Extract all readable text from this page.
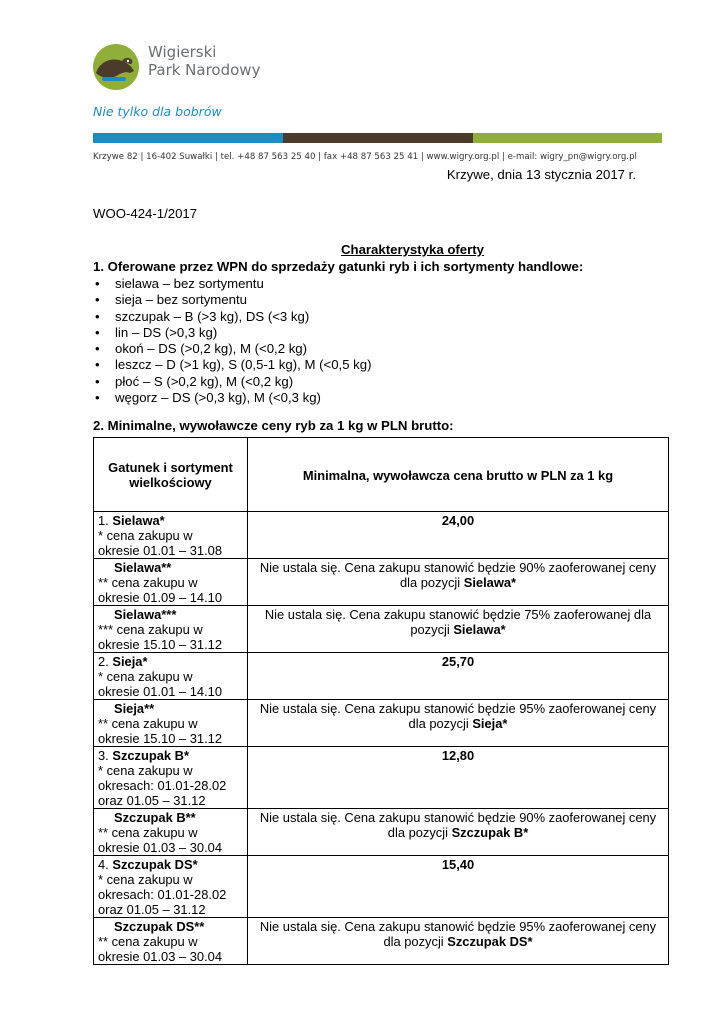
Wigierski
Park Narodowy
Nie tylko dla bobrów
Krzywe 82 | 16-402 Suwałki | tel. +48 87 563 25 40 | fax +48 87 563 25 41 | www.wigry.org.pl | e-mail: wigry_pn@wigry.org.pl
Krzywe, dnia 13 stycznia 2017 r.
WOO-424-1/2017
Charakterystyka oferty
1. Oferowane przez WPN do sprzedaży gatunki ryb i ich sortymenty handlowe:
• sielawa – bez sortymentu
• sieja – bez sortymentu
• szczupak – B (>3 kg), DS (<3 kg)
• lin – DS (>0,3 kg)
• okoń – DS (>0,2 kg), M (<0,2 kg)
• leszcz – D (>1 kg), S (0,5-1 kg), M (<0,5 kg)
• płoć – S (>0,2 kg), M (<0,2 kg)
• węgorz – DS (>0,3 kg), M (<0,3 kg)
2. Minimalne, wywoławcze ceny ryb za 1 kg w PLN brutto:
Gatunek i sortyment wielkościowy	Minimalna, wywoławcza cena brutto w PLN za 1 kg

1. Sielawa*
* cena zakupu w
okresie 01.01 – 31.08	24,00

Sielawa**
** cena zakupu w
okresie 01.09 – 14.10	Nie ustala się. Cena zakupu stanowić będzie 90% zaoferowanej ceny dla pozycji Sielawa*

Sielawa***
*** cena zakupu w
okresie 15.10 – 31.12	Nie ustala się. Cena zakupu stanowić będzie 75% zaoferowanej dla pozycji Sielawa*

2. Sieja*
* cena zakupu w
okresie 01.01 – 14.10	25,70

Sieja**
** cena zakupu w
okresie 15.10 – 31.12	Nie ustala się. Cena zakupu stanowić będzie 95% zaoferowanej ceny dla pozycji Sieja*

3. Szczupak B*
* cena zakupu w
okresach: 01.01-28.02
oraz 01.05 – 31.12	12,80

Szczupak B**
** cena zakupu w
okresie 01.03 – 30.04	Nie ustala się. Cena zakupu stanowić będzie 90% zaoferowanej ceny dla pozycji Szczupak B*

4. Szczupak DS*
* cena zakupu w
okresach: 01.01-28.02
oraz 01.05 – 31.12	15,40

Szczupak DS**
** cena zakupu w
okresie 01.03 – 30.04	Nie ustala się. Cena zakupu stanowić będzie 95% zaoferowanej ceny dla pozycji Szczupak DS*
